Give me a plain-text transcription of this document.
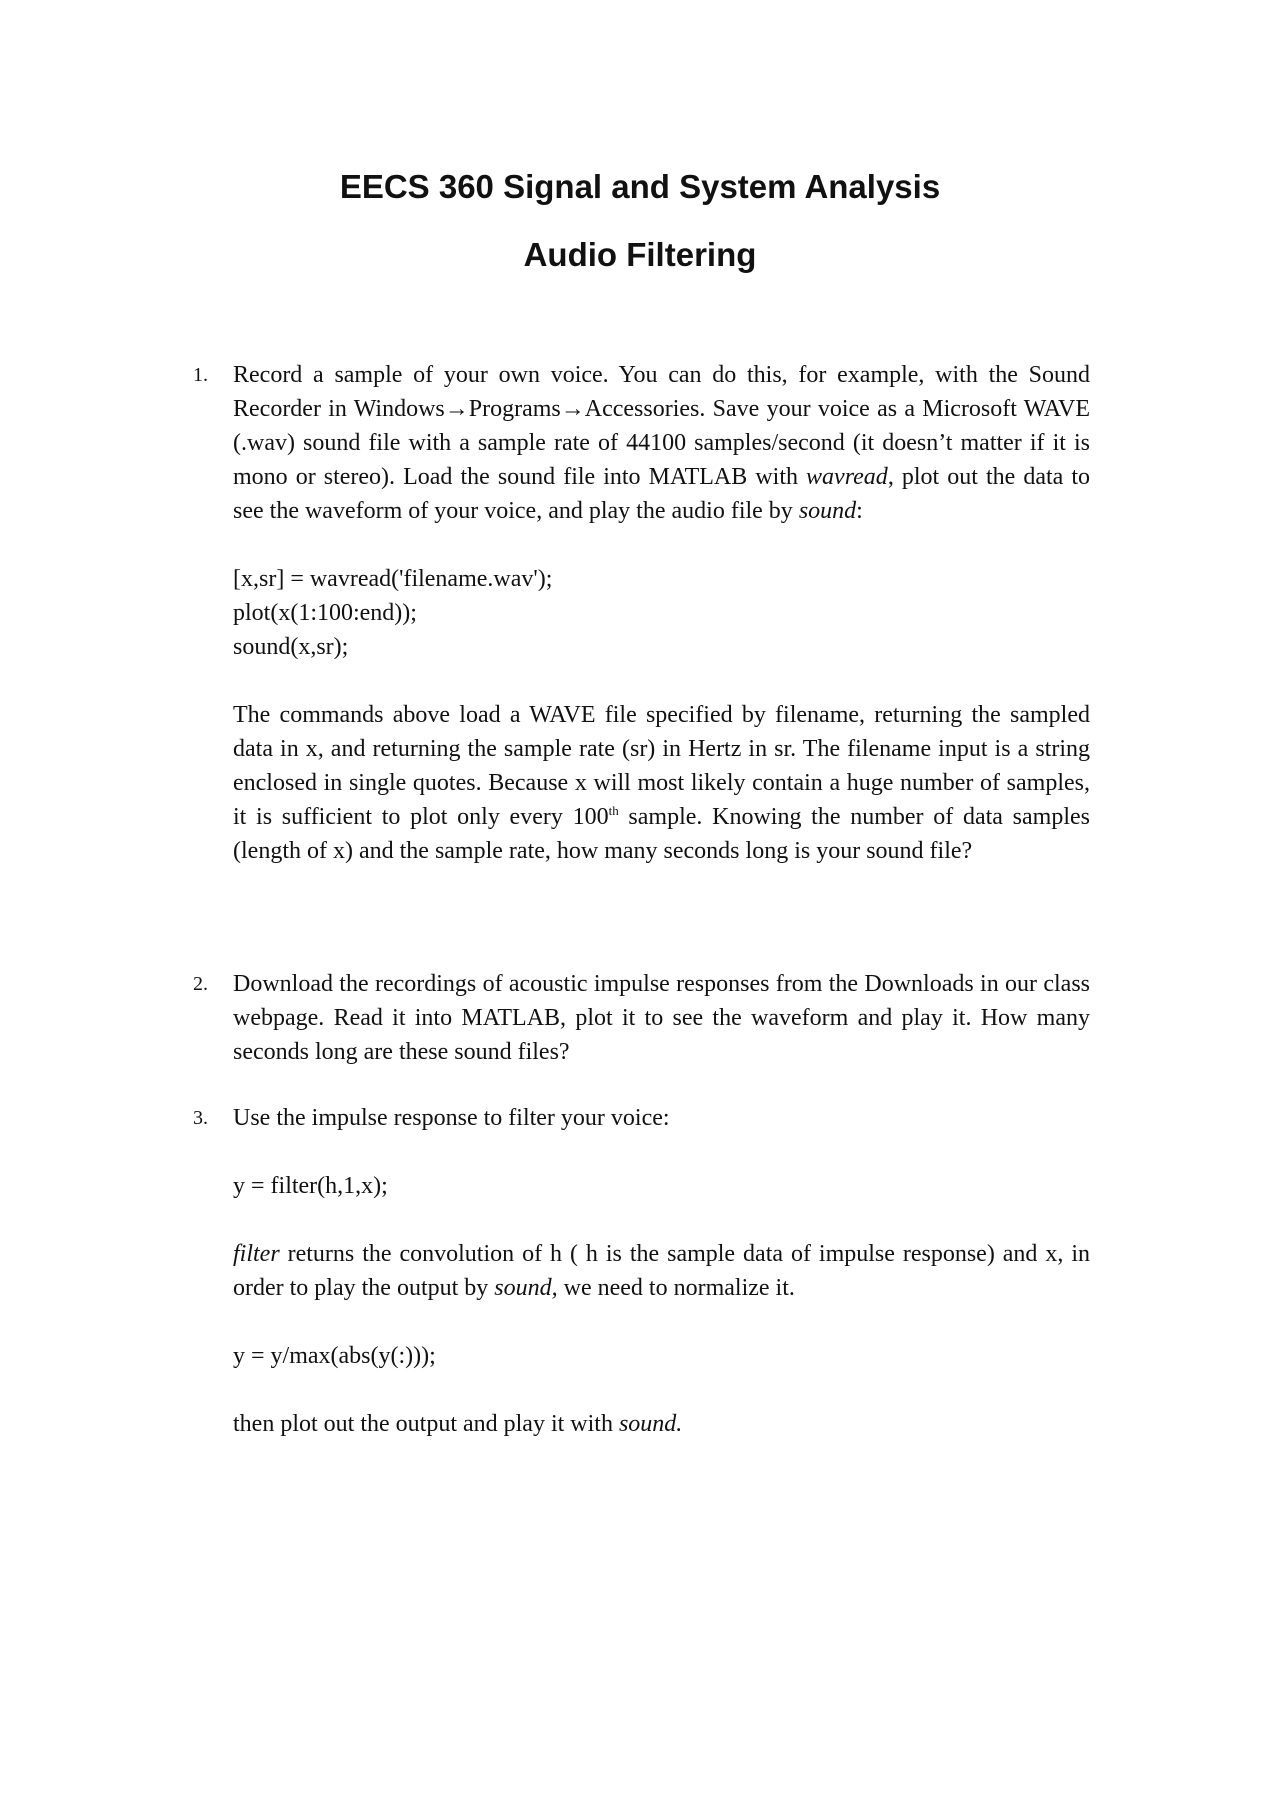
EECS 360 Signal and System Analysis
Audio Filtering
1. Record a sample of your own voice. You can do this, for example, with the Sound Recorder in Windows→Programs→Accessories. Save your voice as a Microsoft WAVE (.wav) sound file with a sample rate of 44100 samples/second (it doesn’t matter if it is mono or stereo). Load the sound file into MATLAB with wavread, plot out the data to see the waveform of your voice, and play the audio file by sound:

[x,sr] = wavread('filename.wav');

plot(x(1:100:end));

sound(x,sr);

The commands above load a WAVE file specified by filename, returning the sampled data in x, and returning the sample rate (sr) in Hertz in sr. The filename input is a string enclosed in single quotes. Because x will most likely contain a huge number of samples, it is sufficient to plot only every 100th sample. Knowing the number of data samples (length of x) and the sample rate, how many seconds long is your sound file?

2. Download the recordings of acoustic impulse responses from the Downloads in our class webpage. Read it into MATLAB, plot it to see the waveform and play it. How many seconds long are these sound files?

3. Use the impulse response to filter your voice:

y = filter(h,1,x);

filter returns the convolution of h ( h is the sample data of impulse response) and x, in order to play the output by sound, we need to normalize it.

y = y/max(abs(y(:)));

then plot out the output and play it with sound.
